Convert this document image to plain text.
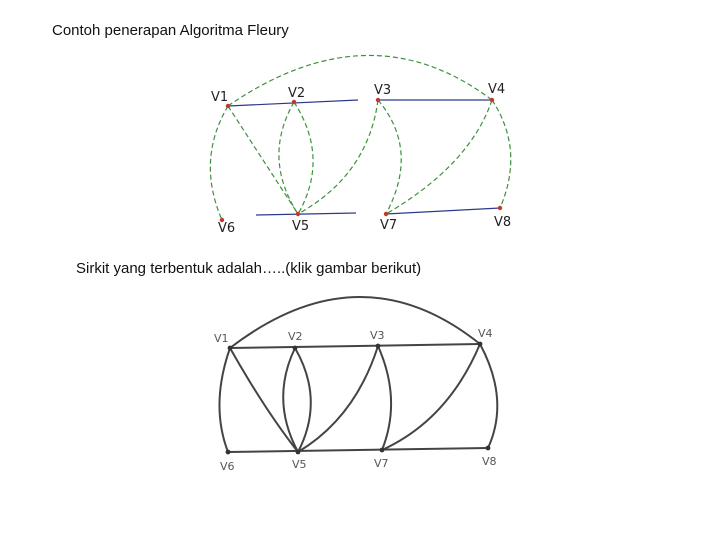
Contoh penerapan Algoritma Fleury
V1	V2	V3	V4
V6	V5	V7	V8
Sirkit yang terbentuk adalah…..(klik gambar berikut)
V1	V2	V3	V4
V6	V5	V7	V8
